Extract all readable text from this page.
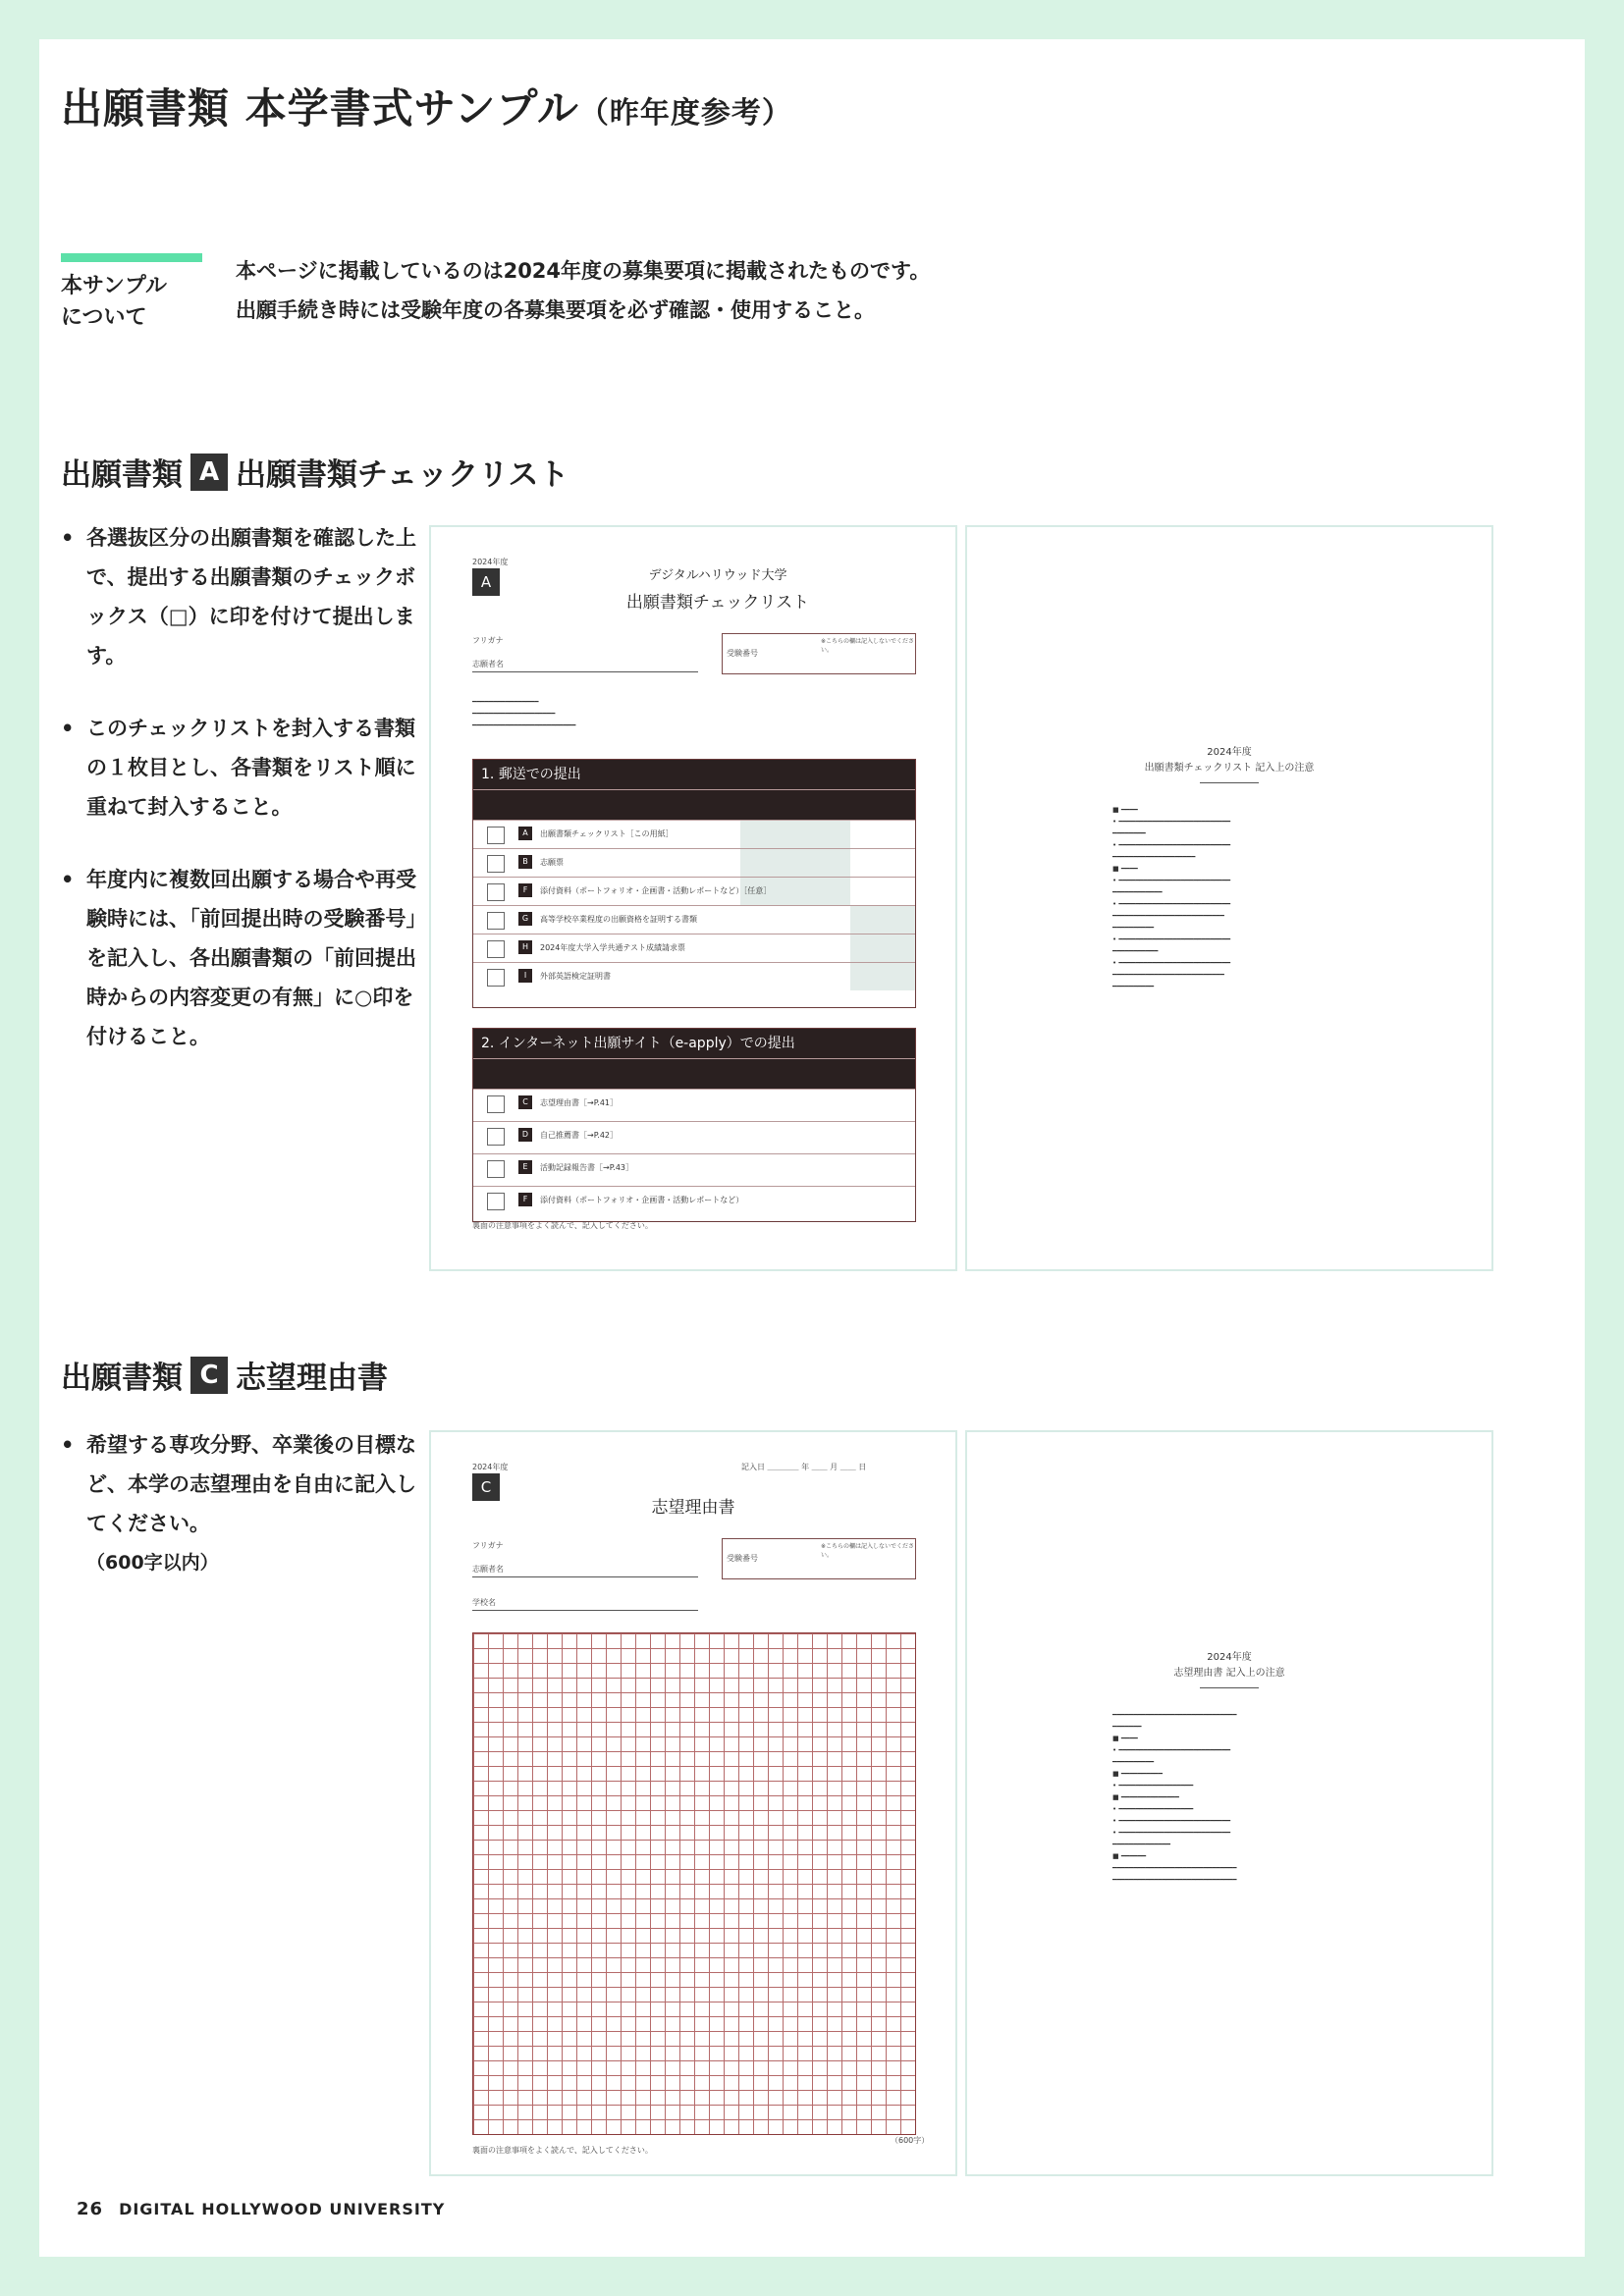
出願書類 本学書式サンプル（昨年度参考）
本サンプル
について
本ページに掲載しているのは2024年度の募集要項に掲載されたものです。
出願手続き時には受験年度の各募集要項を必ず確認・使用すること。
出願書類 A 出願書類チェックリスト
• 各選抜区分の出願書類を確認した上で、提出する出願書類のチェックボックス（□）に印を付けて提出します。
• このチェックリストを封入する書類の１枚目とし、各書類をリスト順に重ねて封入すること。
• 年度内に複数回出願する場合や再受験時には、「前回提出時の受験番号」を記入し、各出願書類の「前回提出時からの内容変更の有無」に○印を付けること。
2024年度
A	デジタルハリウッド大学
出願書類チェックリスト
フリガナ
志願者名
受験番号
※こちらの欄は記入しないでください。
━━━━━━━━━━━━━━━━
━━━━━━━━━━━━━━━━━━━━
━━━━━━━━━━━━━━━━━━━━━━━━━
1. 郵送での提出
A	出願書類チェックリスト［この用紙］
B	志願票
F	添付資料（ポートフォリオ・企画書・活動レポートなど）［任意］
G	高等学校卒業程度の出願資格を証明する書類
H	2024年度大学入学共通テスト成績請求票
I	外部英語検定証明書
2. インターネット出願サイト（e-apply）での提出
C	志望理由書［→P.41］
D	自己推薦書［→P.42］
E	活動記録報告書［→P.43］
F	添付資料（ポートフォリオ・企画書・活動レポートなど）
裏面の注意事項をよく読んで、記入してください。
2024年度
出願書類チェックリスト 記入上の注意
■ ━━━━
• ━━━━━━━━━━━━━━━━━━━━━━━━━━━
━━━━━━━━
• ━━━━━━━━━━━━━━━━━━━━━━━━━━━
━━━━━━━━━━━━━━━━━━━━
■ ━━━━
• ━━━━━━━━━━━━━━━━━━━━━━━━━━━
━━━━━━━━━━━━
• ━━━━━━━━━━━━━━━━━━━━━━━━━━━
━━━━━━━━━━━━━━━━━━━━━━━━━━━
━━━━━━━━━━
• ━━━━━━━━━━━━━━━━━━━━━━━━━━━
━━━━━━━━━━━
• ━━━━━━━━━━━━━━━━━━━━━━━━━━━
━━━━━━━━━━━━━━━━━━━━━━━━━━━
━━━━━━━━━━
出願書類 C 志望理由書
• 希望する専攻分野、卒業後の目標など、本学の志望理由を自由に記入してください。
（600字以内）
2024年度
C
記入日 ＿＿＿＿ 年 ＿＿ 月 ＿＿ 日
志望理由書
フリガナ
志願者名
学校名
受験番号
※こちらの欄は記入しないでください。
裏面の注意事項をよく読んで、記入してください。
（600字）
2024年度
志望理由書 記入上の注意
━━━━━━━━━━━━━━━━━━━━━━━━━━━━━━
━━━━━━━
■ ━━━━
• ━━━━━━━━━━━━━━━━━━━━━━━━━━━
━━━━━━━━━━
■ ━━━━━━━━━━
• ━━━━━━━━━━━━━━━━━━
■ ━━━━━━━━━━━━━━
• ━━━━━━━━━━━━━━━━━━
• ━━━━━━━━━━━━━━━━━━━━━━━━━━━
• ━━━━━━━━━━━━━━━━━━━━━━━━━━━
━━━━━━━━━━━━━━
■ ━━━━━━
━━━━━━━━━━━━━━━━━━━━━━━━━━━━━━
━━━━━━━━━━━━━━━━━━━━━━━━━━━━━━
26 DIGITAL HOLLYWOOD UNIVERSITY
